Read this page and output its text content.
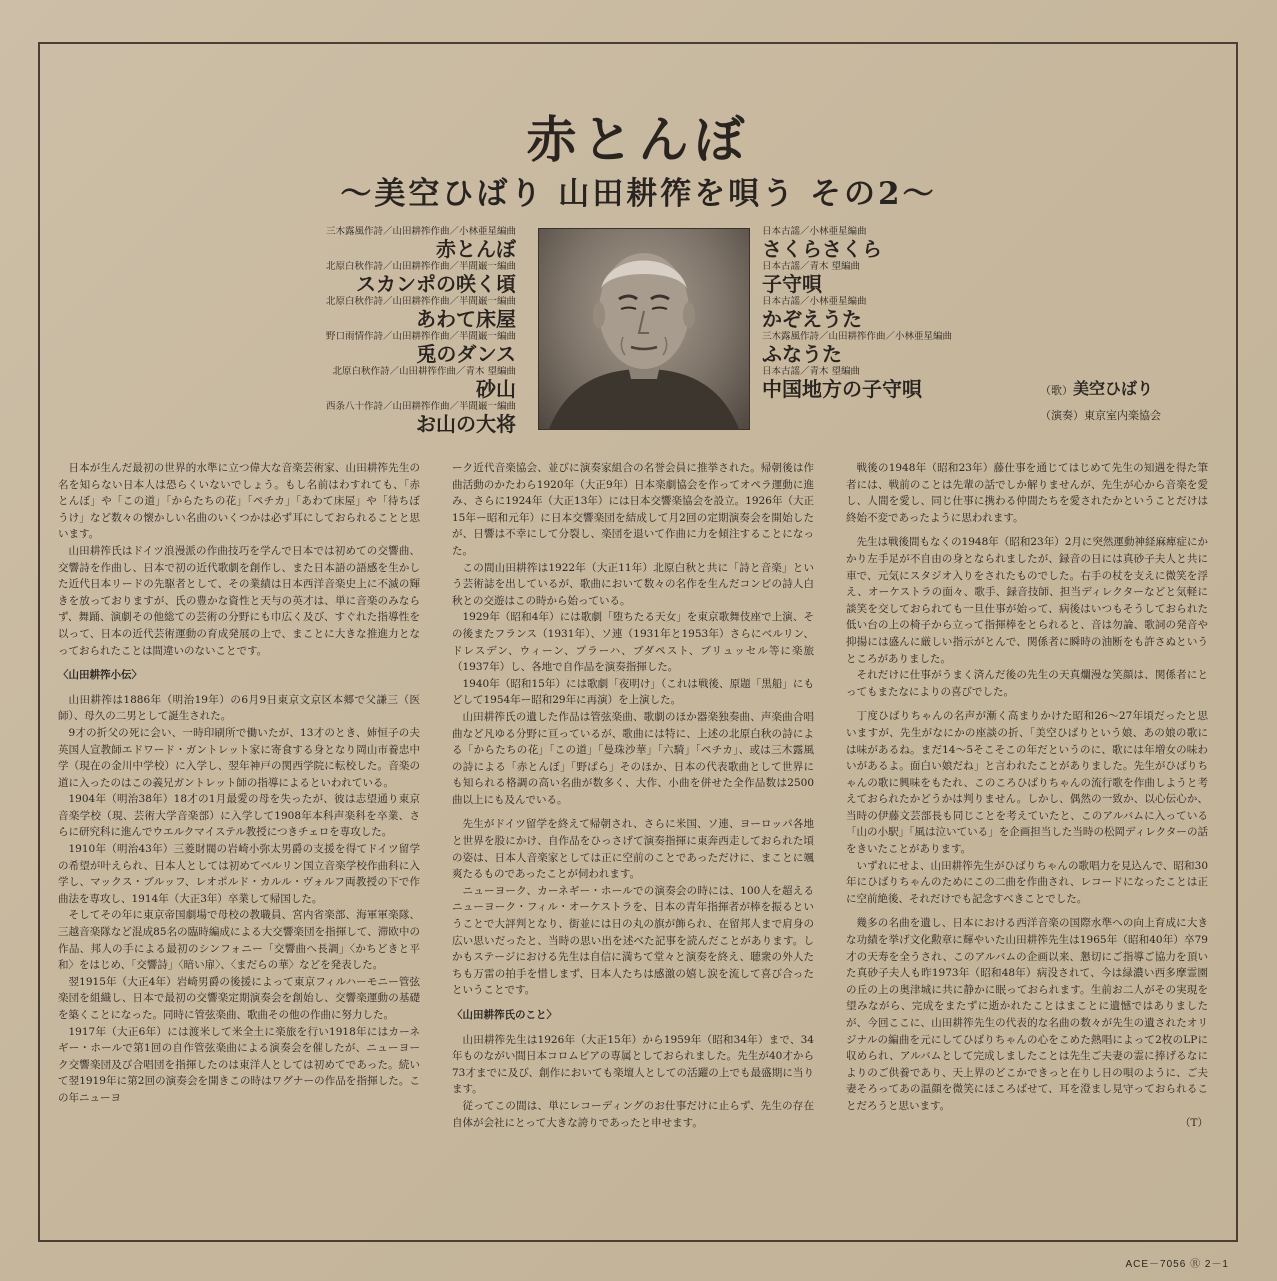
赤とんぼ
〜美空ひばり 山田耕筰を唄う その2〜
三木露風作詩／山田耕筰作曲／小林亜星編曲
赤とんぼ
北原白秋作詩／山田耕筰作曲／半間巌一編曲
スカンポの咲く頃
北原白秋作詩／山田耕筰作曲／半間巌一編曲
あわて床屋
野口雨情作詩／山田耕筰作曲／半間巌一編曲
兎のダンス
北原白秋作詩／山田耕筰作曲／青木 望編曲
砂山
西条八十作詩／山田耕筰作曲／半間巌一編曲
お山の大将
日本古謡／小林亜星編曲
さくらさくら
日本古謡／青木 望編曲
子守唄
日本古謡／小林亜星編曲
かぞえうた
三木露風作詩／山田耕筰作曲／小林亜星編曲
ふなうた
日本古謡／青木 望編曲
中国地方の子守唄	（歌）美空ひばり

（演奏）東京室内楽協会

日本が生んだ最初の世界的水準に立つ偉大な音楽芸術家、山田耕筰先生の名を知らない日本人は恐らくいないでしょう。もし名前はわすれても、「赤とんぼ」や「この道」「からたちの花」「ペチカ」「あわて床屋」や「待ちぼうけ」など数々の懐かしい名曲のいくつかは必ず耳にしておられることと思います。

山田耕筰氏はドイツ浪漫派の作曲技巧を学んで日本では初めての交響曲、交響詩を作曲し、日本で初の近代歌劇を創作し、また日本語の語感を生かした近代日本リードの先駆者として、その業績は日本西洋音楽史上に不滅の輝きを放っておりますが、氏の豊かな資性と天与の英才は、単に音楽のみならず、舞踊、演劇その他総ての芸術の分野にも巾広く及び、すぐれた指導性を以って、日本の近代芸術運動の育成発展の上で、まことに大きな推進力となっておられたことは間違いのないことです。

〈山田耕筰小伝〉

山田耕筰は1886年（明治19年）の6月9日東京文京区本郷で父謙三（医師）、母久の二男として誕生された。

9才の折父の死に会い、一時印刷所で働いたが、13才のとき、姉恒子の夫英国人宣教師エドワード・ガントレット家に寄食する身となり岡山市養忠中学（現在の金川中学校）に入学し、翌年神戸の関西学院に転校した。音楽の道に入ったのはこの義兄ガントレット師の指導によるといわれている。

1904年（明治38年）18才の1月最愛の母を失ったが、彼は志望通り東京音楽学校（現、芸術大学音楽部）に入学して1908年本科声楽科を卒業、さらに研究科に進んでウエルクマイステル教授につきチェロを専攻した。

1910年（明治43年）三菱財閥の岩崎小弥太男爵の支援を得てドイツ留学の希望が叶えられ、日本人としては初めてベルリン国立音楽学校作曲科に入学し、マックス・ブルッフ、レオポルド・カルル・ヴォルフ両教授の下で作曲法を専攻し、1914年（大正3年）卒業して帰国した。

そしてその年に東京帝国劇場で母校の教職員、宮内省楽部、海軍軍楽隊、三越音楽隊など混成85名の臨時編成による大交響楽団を指揮して、滞欧中の作品、邦人の手による最初のシンフォニー「交響曲へ長調」〈かちどきと平和〉をはじめ、「交響詩」〈暗い扉〉、〈まだらの華〉などを発表した。

翌1915年（大正4年）岩崎男爵の後援によって東京フィルハーモニー管弦楽団を組織し、日本で最初の交響楽定期演奏会を創始し、交響楽運動の基礎を築くことになった。同時に管弦楽曲、歌曲その他の作曲に努力した。

1917年（大正6年）には渡米して米全土に楽旅を行い1918年にはカーネギー・ホールで第1回の自作管弦楽曲による演奏会を催したが、ニューヨーク交響楽団及び合唱団を指揮したのは東洋人としては初めてであった。続いて翌1919年に第2回の演奏会を開きこの時はワグナーの作品を指揮した。この年ニューヨ

ーク近代音楽協会、並びに演奏家組合の名誉会員に推挙された。帰朝後は作曲活動のかたわら1920年（大正9年）日本楽劇協会を作ってオペラ運動に進み、さらに1924年（大正13年）には日本交響楽協会を設立。1926年（大正15年ー昭和元年）に日本交響楽団を結成して月2回の定期演奏会を開始したが、日響は不幸にして分裂し、楽団を退いて作曲に力を傾注することになった。

この間山田耕筰は1922年（大正11年）北原白秋と共に「詩と音楽」という芸術誌を出しているが、歌曲において数々の名作を生んだコンビの詩人白秋との交遊はこの時から始っている。

1929年（昭和4年）には歌劇「堕ちたる天女」を東京歌舞伎座で上演、その後またフランス（1931年）、ソ連（1931年と1953年）さらにベルリン、ドレスデン、ウィーン、プラーハ、ブダペスト、ブリュッセル等に楽旅（1937年）し、各地で自作品を演奏指揮した。

1940年（昭和15年）には歌劇「夜明け」（これは戦後、原題「黒船」にもどして1954年ー昭和29年に再演）を上演した。

山田耕筰氏の遺した作品は管弦楽曲、歌劇のほか器楽独奏曲、声楽曲合唱曲など凡ゆる分野に亘っているが、歌曲には特に、上述の北原白秋の詩による「からたちの花」「この道」「曼珠沙華」「六騎」「ペチカ」、或は三木露風の詩による「赤とんぼ」「野ばら」そのほか、日本の代表歌曲として世界にも知られる格調の高い名曲が数多く、大作、小曲を併せた全作品数は2500曲以上にも及んでいる。

先生がドイツ留学を終えて帰朝され、さらに米国、ソ連、ヨーロッパ各地と世界を股にかけ、自作品をひっさげて演奏指揮に東奔西走しておられた頃の姿は、日本人音楽家としては正に空前のことであっただけに、まことに颯爽たるものであったことが伺われます。

ニューヨーク、カーネギー・ホールでの演奏会の時には、100人を超えるニューヨーク・フィル・オーケストラを、日本の青年指揮者が棒を振るということで大評判となり、街並には日の丸の旗が飾られ、在留邦人まで肩身の広い思いだったと、当時の思い出を述べた記事を読んだことがあります。しかもステージにおける先生は自信に満ちて堂々と演奏を終え、聴衆の外人たちも万雷の拍手を惜しまず、日本人たちは感激の嬉し涙を流して喜び合ったということです。

〈山田耕筰氏のこと〉

山田耕筰先生は1926年（大正15年）から1959年（昭和34年）まで、34年ものながい間日本コロムビアの専属としておられました。先生が40才から73才までに及び、創作においても楽壇人としての活躍の上でも最盛期に当ります。

従ってこの間は、単にレコーディングのお仕事だけに止らず、先生の存在自体が会社にとって大きな誇りであったと申せます。

戦後の1948年（昭和23年）藤仕事を通じてはじめて先生の知遇を得た筆者には、戦前のことは先輩の話でしか解りませんが、先生が心から音楽を愛し、人間を愛し、同じ仕事に携わる仲間たちを愛されたかということだけは終始不変であったように思われます。

先生は戦後間もなくの1948年（昭和23年）2月に突然運動神経麻痺症にかかり左手足が不自由の身となられましたが、録音の日には真砂子夫人と共に車で、元気にスタジオ入りをされたものでした。右手の杖を支えに微笑を浮え、オーケストラの面々、歌手、録音技師、担当ディレクターなどと気軽に談笑を交しておられても一旦仕事が始って、病後はいつもそうしておられた低い台の上の椅子から立って指揮棒をとられると、音は勿論、歌詞の発音や抑揚には盛んに厳しい指示がとんで、関係者に瞬時の油断をも許さぬというところがありました。

それだけに仕事がうまく済んだ後の先生の天真爛漫な笑顔は、関係者にとってもまたなによりの喜びでした。

丁度ひばりちゃんの名声が漸く高まりかけた昭和26〜27年頃だったと思いますが、先生がなにかの座談の折、「美空ひばりという娘、あの娘の歌には味があるね。まだ14〜5そこそこの年だというのに、歌には年増女の味わいがあるよ。面白い娘だね」と言われたことがありました。先生がひばりちゃんの歌に興味をもたれ、このころひばりちゃんの流行歌を作曲しようと考えておられたかどうかは判りません。しかし、偶然の一致か、以心伝心か、当時の伊藤文芸部長も同じことを考えていたと、このアルバムに入っている「山の小駅」「風は泣いている」を企画担当した当時の松岡ディレクターの話をきいたことがあります。

いずれにせよ、山田耕筰先生がひばりちゃんの歌唱力を見込んで、昭和30年にひばりちゃんのためにこの二曲を作曲され、レコードになったことは正に空前絶後、それだけでも記念すべきことでした。

幾多の名曲を遺し、日本における西洋音楽の国際水準への向上育成に大きな功績を挙げ文化勲章に輝やいた山田耕筰先生は1965年（昭和40年）卒79才の天寿を全うされ、このアルバムの企画以来、懇切にご指導ご協力を頂いた真砂子夫人も昨1973年（昭和48年）病没されて、今は緑濃い西多摩霊園の丘の上の奥津城に共に静かに眠っておられます。生前お二人がその実現を望みながら、完成をまたずに逝かれたことはまことに遺憾ではありましたが、今回ここに、山田耕筰先生の代表的な名曲の数々が先生の遺されたオリジナルの編曲を元にしてひばりちゃんの心をこめた熱唱によって2枚のLPに収められ、アルバムとして完成しましたことは先生ご夫妻の霊に捧げるなによりのご供養であり、天上界のどこかできっと在りし日の唄のように、ご夫妻そろってあの温顔を微笑にほころばせて、耳を澄まし見守っておられることだろうと思います。

（T）

ACE－7056 Ⓡ 2－1
